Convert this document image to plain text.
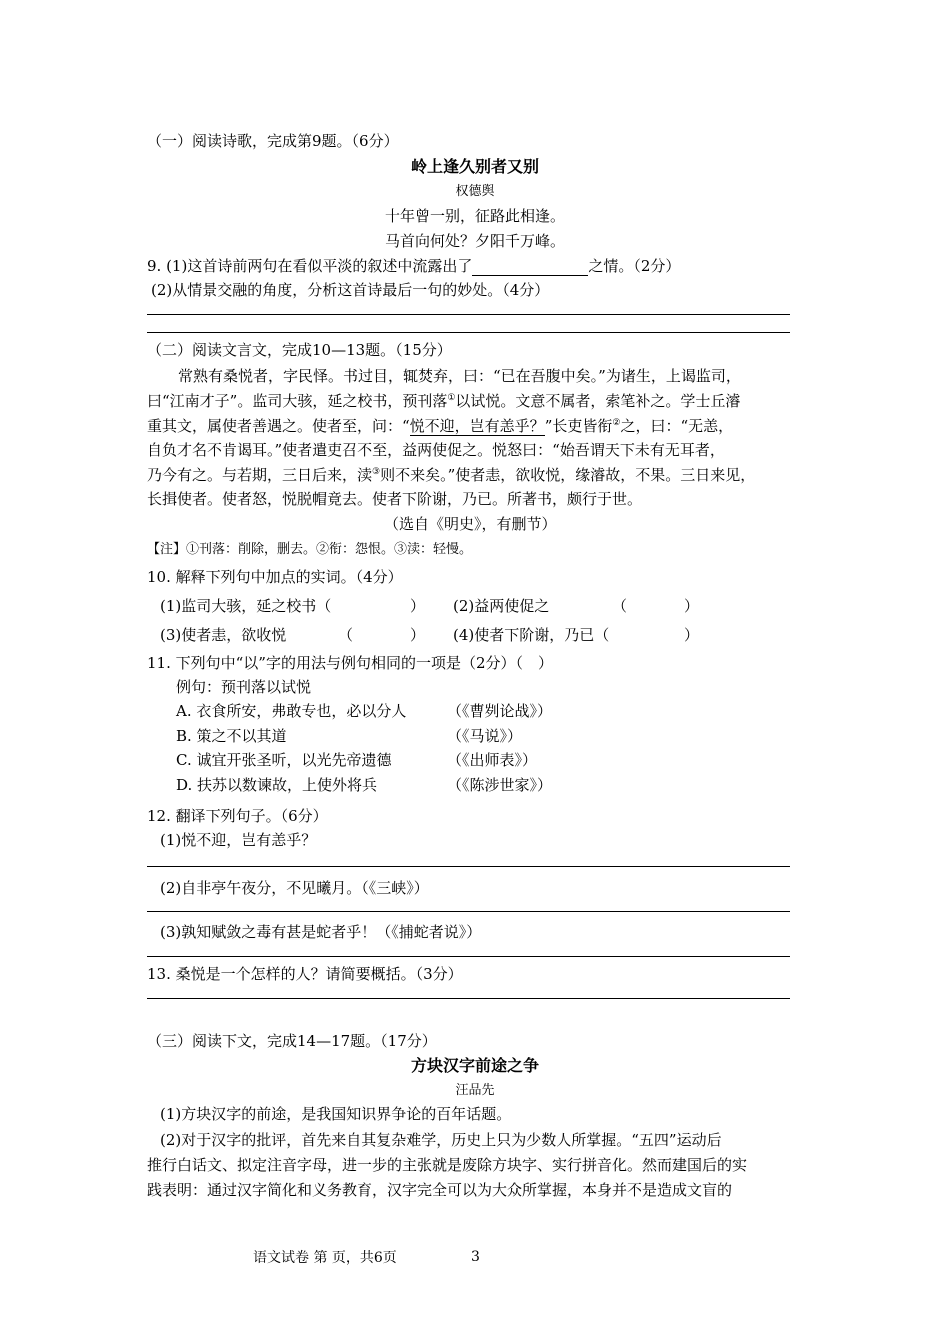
（一）阅读诗歌，完成第9题。（6分）
岭上逢久别者又别
权德舆
十年曾一别，征路此相逢。
马首向何处？夕阳千万峰。
9. (1)这首诗前两句在看似平淡的叙述中流露出了	之情。（2分）
(2)从情景交融的角度，分析这首诗最后一句的妙处。（4分）
（二）阅读文言文，完成10—13题。（15分）
常熟有桑悦者，字民怿。书过目，辄焚弃，曰：“已在吾腹中矣。”为诸生，上谒监司，
曰“江南才子”。监司大骇，延之校书，预刊落①以试悦。文意不属者，索笔补之。学士丘濬
重其文，属使者善遇之。使者至，问：“悦不迎，岂有恙乎？”长吏皆衔②之，曰：“无恙，
自负才名不肯谒耳。”使者遣吏召不至，益两使促之。悦怒曰：“始吾谓天下未有无耳者，
乃今有之。与若期，三日后来，渎③则不来矣。”使者恚，欲收悦，缘濬故，不果。三日来见，
长揖使者。使者怒，悦脱帽竟去。使者下阶谢，乃已。所著书，颇行于世。
（选自《明史》，有删节）
【注】①刊落：削除，删去。②衔：怨恨。③渎：轻慢。
10. 解释下列句中加点的实词。（4分）
(1)监司大骇，延之校书（	） (2)益两使促之	（	）
(3)使者恚，欲收悦	（	） (4)使者下阶谢，乃已（	）
11. 下列句中“以”字的用法与例句相同的一项是（2分）（　）
例句：预刊落以试悦
A. 衣食所安，弗敢专也，必以分人	（《曹刿论战》）
B. 策之不以其道	（《马说》）
C. 诚宜开张圣听，以光先帝遗德	（《出师表》）
D. 扶苏以数谏故，上使外将兵	（《陈涉世家》）
12. 翻译下列句子。（6分）
(1)悦不迎，岂有恙乎？
(2)自非亭午夜分，不见曦月。（《三峡》）
(3)孰知赋敛之毒有甚是蛇者乎！（《捕蛇者说》）
13. 桑悦是一个怎样的人？请简要概括。（3分）
（三）阅读下文，完成14—17题。（17分）
方块汉字前途之争
汪品先
(1)方块汉字的前途，是我国知识界争论的百年话题。
(2)对于汉字的批评，首先来自其复杂难学，历史上只为少数人所掌握。“五四”运动后
推行白话文、拟定注音字母，进一步的主张就是废除方块字、实行拼音化。然而建国后的实
践表明：通过汉字简化和义务教育，汉字完全可以为大众所掌握，本身并不是造成文盲的
语文试卷 第 页，共6页	3
